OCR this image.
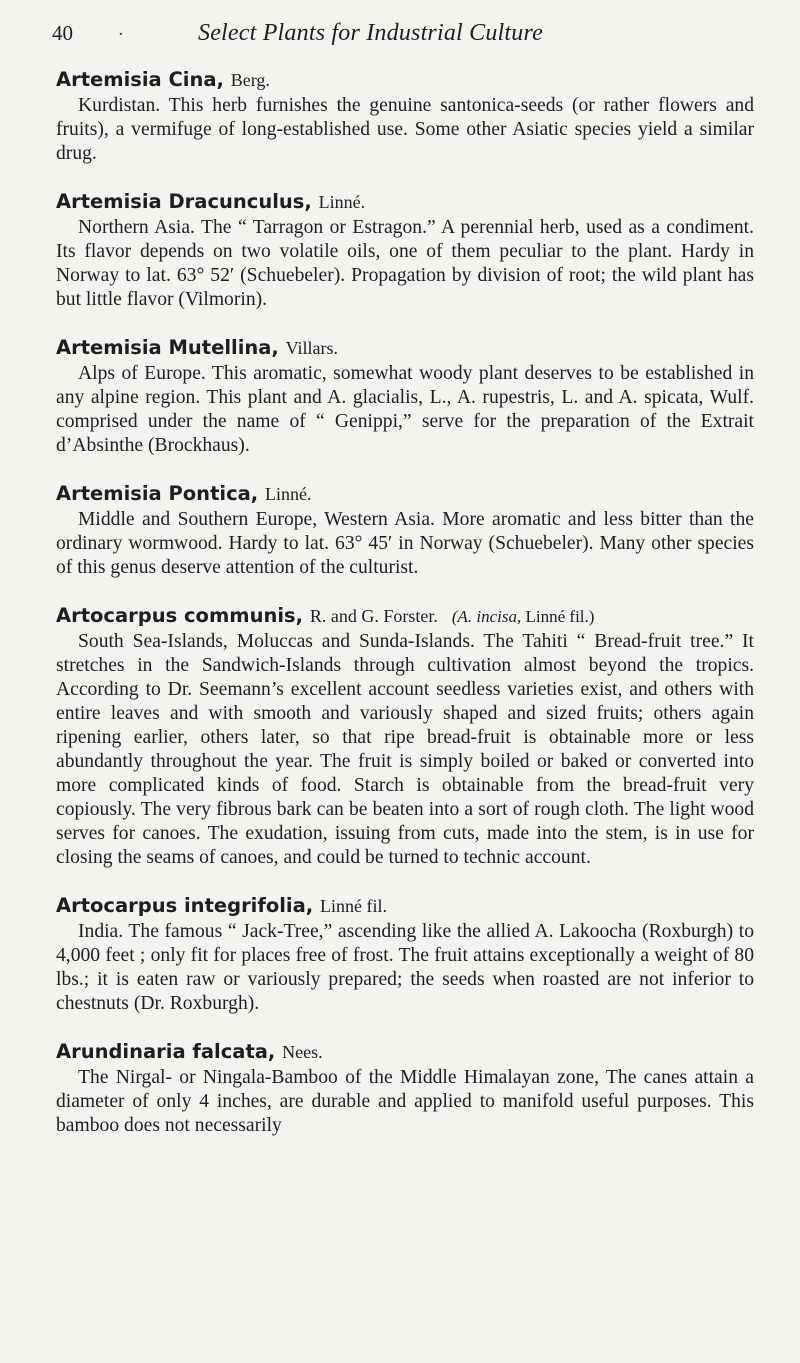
40	·	Select Plants for Industrial Culture
Artemisia Cina, Berg.

Kurdistan. This herb furnishes the genuine santonica-seeds (or rather flowers and fruits), a vermifuge of long-established use. Some other Asiatic species yield a similar drug.

Artemisia Dracunculus, Linné.

Northern Asia. The “ Tarragon or Estragon.” A perennial herb, used as a condiment. Its flavor depends on two volatile oils, one of them peculiar to the plant. Hardy in Norway to lat. 63° 52′ (Schuebeler). Propagation by division of root; the wild plant has but little flavor (Vilmorin).

Artemisia Mutellina, Villars.

Alps of Europe. This aromatic, somewhat woody plant deserves to be established in any alpine region. This plant and A. glacialis, L., A. rupestris, L. and A. spicata, Wulf. comprised under the name of “ Genippi,” serve for the preparation of the Extrait d’Absinthe (Brockhaus).

Artemisia Pontica, Linné.

Middle and Southern Europe, Western Asia. More aromatic and less bitter than the ordinary wormwood. Hardy to lat. 63° 45′ in Norway (Schuebeler). Many other species of this genus deserve attention of the culturist.

Artocarpus communis, R. and G. Forster. (A. incisa, Linné fil.)

South Sea-Islands, Moluccas and Sunda-Islands. The Tahiti “ Bread-fruit tree.” It stretches in the Sandwich-Islands through cultivation almost beyond the tropics. According to Dr. Seemann’s excellent account seedless varieties exist, and others with entire leaves and with smooth and variously shaped and sized fruits; others again ripening earlier, others later, so that ripe bread-fruit is obtainable more or less abundantly throughout the year. The fruit is simply boiled or baked or converted into more complicated kinds of food. Starch is obtainable from the bread-fruit very copiously. The very fibrous bark can be beaten into a sort of rough cloth. The light wood serves for canoes. The exudation, issuing from cuts, made into the stem, is in use for closing the seams of canoes, and could be turned to technic account.

Artocarpus integrifolia, Linné fil.

India. The famous “ Jack-Tree,” ascending like the allied A. Lakoocha (Roxburgh) to 4,000 feet ; only fit for places free of frost. The fruit attains exceptionally a weight of 80 lbs.; it is eaten raw or variously prepared; the seeds when roasted are not inferior to chestnuts (Dr. Roxburgh).

Arundinaria falcata, Nees.

The Nirgal- or Ningala-Bamboo of the Middle Himalayan zone, The canes attain a diameter of only 4 inches, are durable and applied to manifold useful purposes. This bamboo does not necessarily
